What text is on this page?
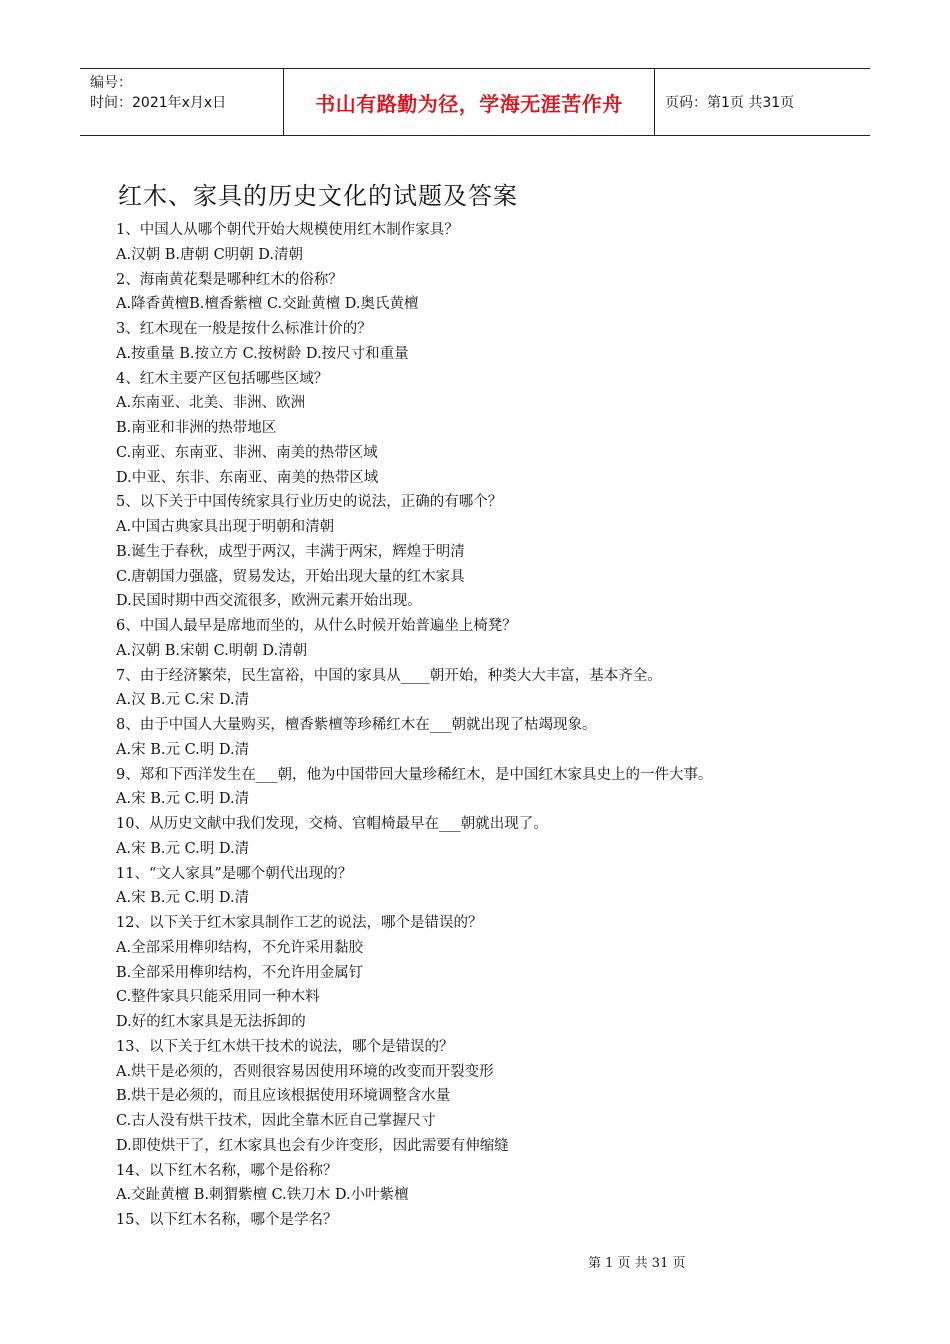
编号：
时间：2021年x月x日	书山有路勤为径，学海无涯苦作舟	页码：第1页 共31页
红木、家具的历史文化的试题及答案
1、中国人从哪个朝代开始大规模使用红木制作家具？
A.汉朝 B.唐朝 C明朝 D.清朝
2、海南黄花梨是哪种红木的俗称？
A.降香黄檀B.檀香紫檀 C.交趾黄檀 D.奥氏黄檀
3、红木现在一般是按什么标准计价的？
A.按重量 B.按立方 C.按树龄 D.按尺寸和重量
4、红木主要产区包括哪些区域？
A.东南亚、北美、非洲、欧洲
B.南亚和非洲的热带地区
C.南亚、东南亚、非洲、南美的热带区域
D.中亚、东非、东南亚、南美的热带区域
5、以下关于中国传统家具行业历史的说法，正确的有哪个？
A.中国古典家具出现于明朝和清朝
B.诞生于春秋，成型于两汉，丰满于两宋，辉煌于明清
C.唐朝国力强盛，贸易发达，开始出现大量的红木家具
D.民国时期中西交流很多，欧洲元素开始出现。
6、中国人最早是席地而坐的，从什么时候开始普遍坐上椅凳？
A.汉朝 B.宋朝 C.明朝 D.清朝
7、由于经济繁荣，民生富裕，中国的家具从____朝开始，种类大大丰富，基本齐全。
A.汉 B.元 C.宋 D.清
8、由于中国人大量购买，檀香紫檀等珍稀红木在___朝就出现了枯竭现象。
A.宋 B.元 C.明 D.清
9、郑和下西洋发生在___朝，他为中国带回大量珍稀红木，是中国红木家具史上的一件大事。
A.宋 B.元 C.明 D.清
10、从历史文献中我们发现，交椅、官帽椅最早在___朝就出现了。
A.宋 B.元 C.明 D.清
11、“文人家具”是哪个朝代出现的？
A.宋 B.元 C.明 D.清
12、以下关于红木家具制作工艺的说法，哪个是错误的？
A.全部采用榫卯结构，不允许采用黏胶
B.全部采用榫卯结构，不允许用金属钉
C.整件家具只能采用同一种木料
D.好的红木家具是无法拆卸的
13、以下关于红木烘干技术的说法，哪个是错误的？
A.烘干是必须的，否则很容易因使用环境的改变而开裂变形
B.烘干是必须的，而且应该根据使用环境调整含水量
C.古人没有烘干技术，因此全靠木匠自己掌握尺寸
D.即使烘干了，红木家具也会有少许变形，因此需要有伸缩缝
14、以下红木名称，哪个是俗称？
A.交趾黄檀 B.刺猬紫檀 C.铁刀木 D.小叶紫檀
15、以下红木名称，哪个是学名？
第 1 页 共 31 页
